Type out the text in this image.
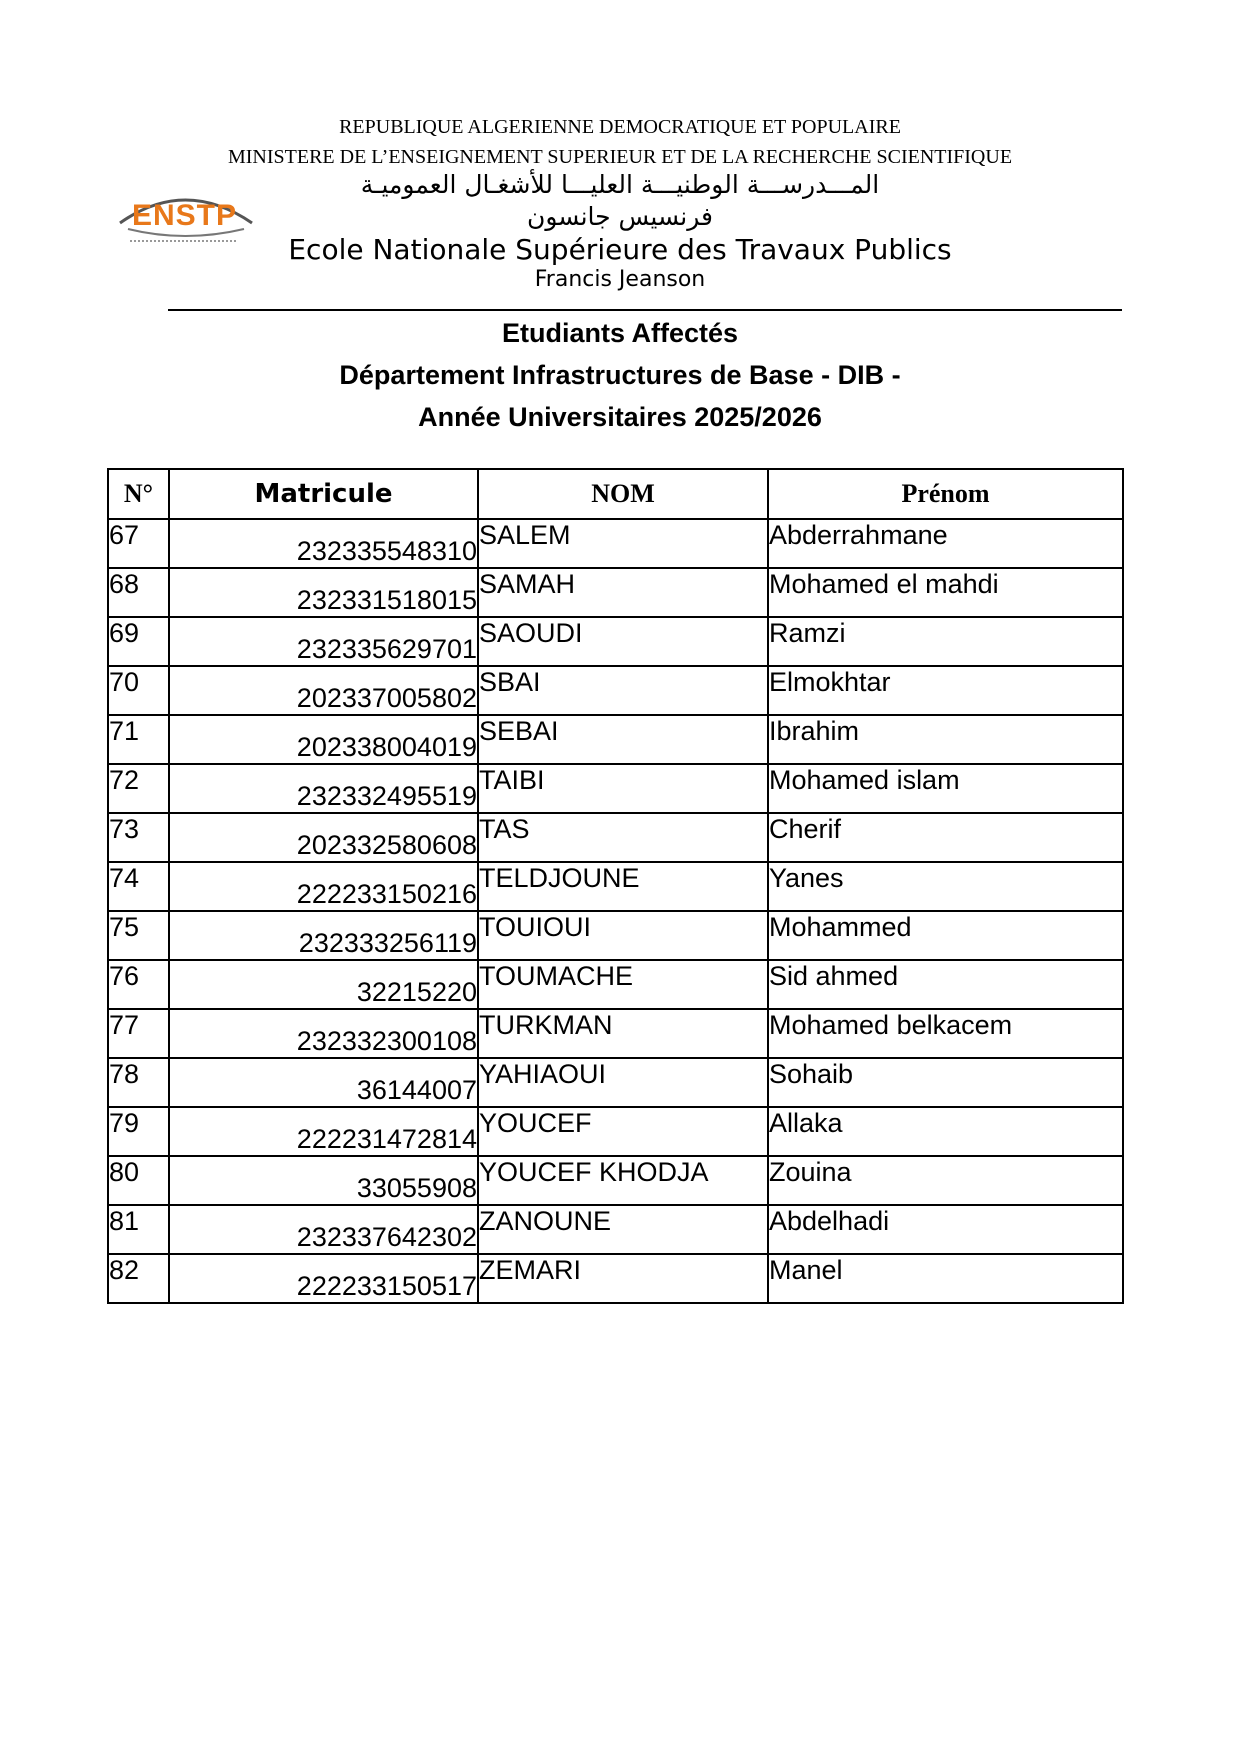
REPUBLIQUE ALGERIENNE DEMOCRATIQUE ET POPULAIRE
MINISTERE DE L’ENSEIGNEMENT SUPERIEUR ET DE LA RECHERCHE SCIENTIFIQUE
المـــدرســـة الوطنيـــة العليـــا للأشغـال العموميـة
فرنسيس جانسون
Ecole Nationale Supérieure des Travaux Publics
Francis Jeanson
ENSTP
Etudiants Affectés
Département Infrastructures de Base - DIB -
Année Universitaires 2025/2026
N°	Matricule	NOM	Prénom
67	232335548310	SALEM	Abderrahmane
68	232331518015	SAMAH	Mohamed el mahdi
69	232335629701	SAOUDI	Ramzi
70	202337005802	SBAI	Elmokhtar
71	202338004019	SEBAI	Ibrahim
72	232332495519	TAIBI	Mohamed islam
73	202332580608	TAS	Cherif
74	222233150216	TELDJOUNE	Yanes
75	232333256119	TOUIOUI	Mohammed
76	32215220	TOUMACHE	Sid ahmed
77	232332300108	TURKMAN	Mohamed belkacem
78	36144007	YAHIAOUI	Sohaib
79	222231472814	YOUCEF	Allaka
80	33055908	YOUCEF KHODJA	Zouina
81	232337642302	ZANOUNE	Abdelhadi
82	222233150517	ZEMARI	Manel
